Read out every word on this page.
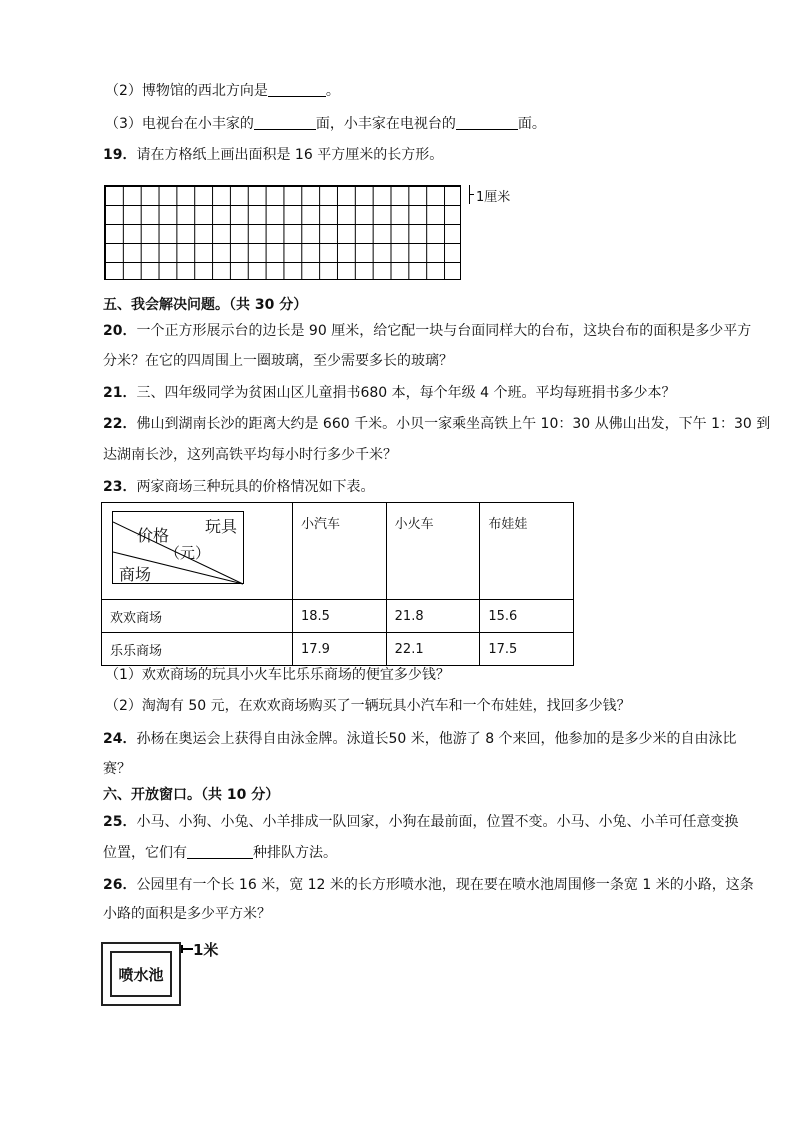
（2）博物馆的西北方向是	。
（3）电视台在小丰家的	面，小丰家在电视台的	面。
19．请在方格纸上画出面积是 16 平方厘米的长方形。
1厘米
五、我会解决问题。（共 30 分）
20．一个正方形展示台的边长是 90 厘米，给它配一块与台面同样大的台布，这块台布的面积是多少平方
分米？在它的四周围上一圈玻璃，至少需要多长的玻璃？
21．三、四年级同学为贫困山区儿童捐书680 本，每个年级 4 个班。平均每班捐书多少本？
22．佛山到湖南长沙的距离大约是 660 千米。小贝一家乘坐高铁上午 10：30 从佛山出发，下午 1：30 到
达湖南长沙，这列高铁平均每小时行多少千米？
23．两家商场三种玩具的价格情况如下表。
玩具
价格
（元）
商场	小汽车	小火车	布娃娃
欢欢商场	18.5	21.8	15.6
乐乐商场	17.9	22.1	17.5
（1）欢欢商场的玩具小火车比乐乐商场的便宜多少钱？
（2）淘淘有 50 元，在欢欢商场购买了一辆玩具小汽车和一个布娃娃，找回多少钱？
24．孙杨在奥运会上获得自由泳金牌。泳道长50 米，他游了 8 个来回，他参加的是多少米的自由泳比
赛？
六、开放窗口。（共 10 分）
25．小马、小狗、小兔、小羊排成一队回家，小狗在最前面，位置不变。小马、小兔、小羊可任意变换
位置，它们有	种排队方法。
26．公园里有一个长 16 米，宽 12 米的长方形喷水池，现在要在喷水池周围修一条宽 1 米的小路，这条
小路的面积是多少平方米？
喷水池
1米
